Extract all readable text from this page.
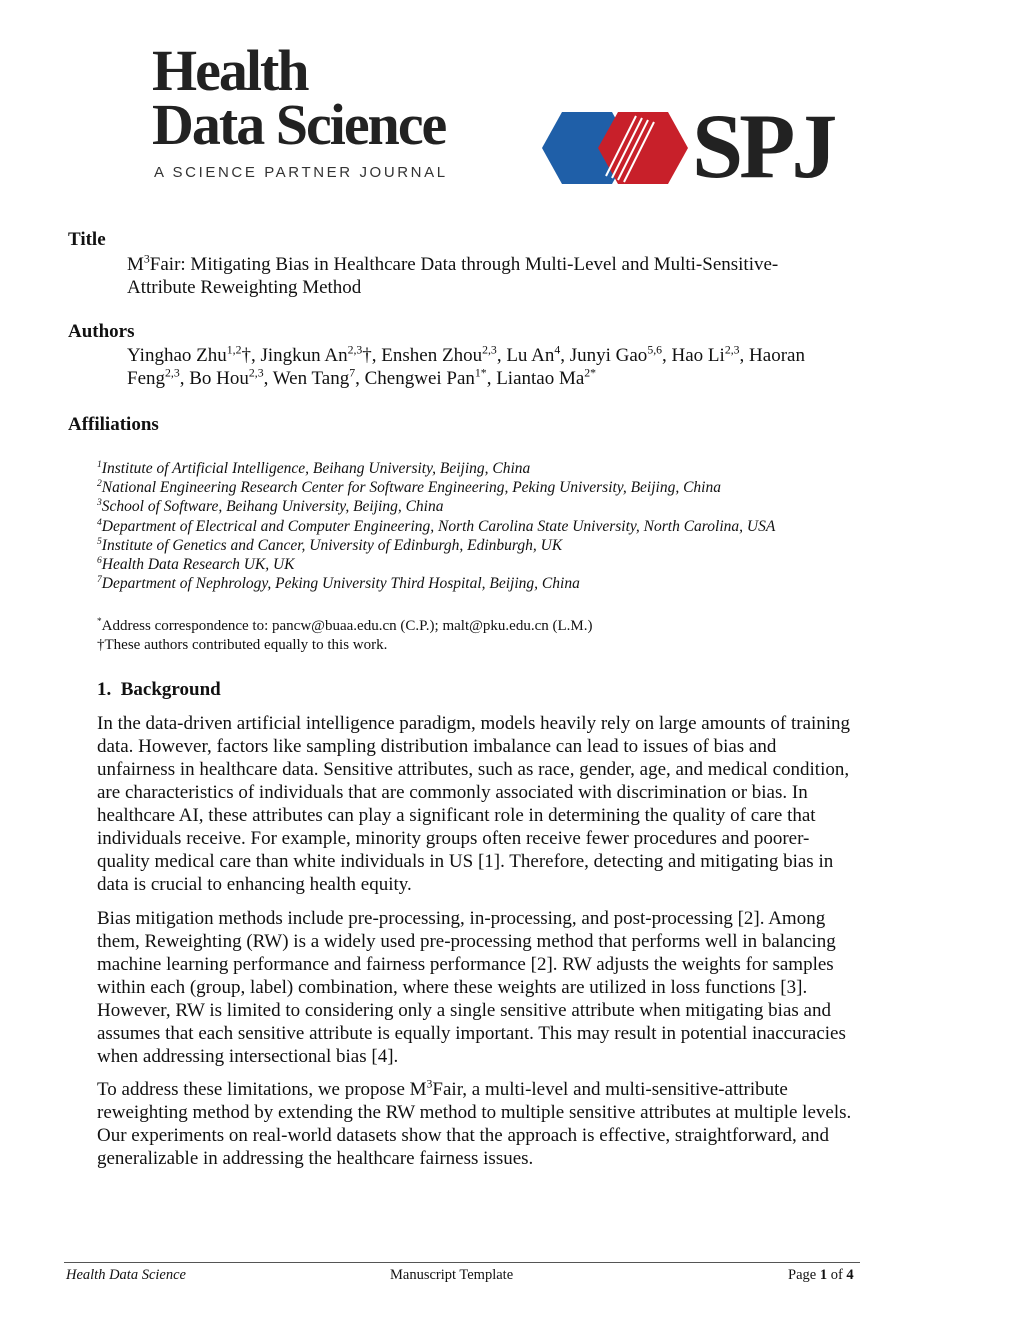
Health
Data Science
A SCIENCE PARTNER JOURNAL	SPJ
Title
$M^3Fair$: Mitigating Bias in Healthcare Data through Multi-Level and Multi-Sensitive-
Attribute Reweighting Method
Authors
Yinghao Zhu$^{1,2}$†, Jingkun An$^{2,3}$†, Enshen Zhou$^{2,3}$, Lu An$^4$, Junyi Gao$^{5,6}$, Hao Li$^{2,3}$, Haoran Feng$^{2,3}$, Bo Hou$^{2,3}$, Wen Tang$^7$, Chengwei Pan$^{1*}$, Liantao $Ma^{2*}$
Affiliations
$^1$Institute of Artificial Intelligence, Beihang University, Beijing, China
$^2$National Engineering Research Center for Software Engineering, Peking University, Beijing, China
$^3$School of Software, Beihang University, Beijing, China
$^4$Department of Electrical and Computer Engineering, North Carolina State University, North Carolina, USA
$^5$Institute of Genetics and Cancer, University of Edinburgh, Edinburgh, UK
$^6$Health Data Research UK, UK
$^7$Department of Nephrology, Peking University Third Hospital, Beijing, China
*Address correspondence to: pancw@buaa.edu.cn (C.P.); malt@pku.edu.cn (L.M.)
†These authors contributed equally to this work.
1. Background
In the data-driven artificial intelligence paradigm, models heavily rely on large amounts of training data. However, factors like sampling distribution imbalance can lead to issues of bias and unfairness in healthcare data. Sensitive attributes, such as race, gender, age, and medical condition, are characteristics of individuals that are commonly associated with discrimination or bias. In healthcare AI, these attributes can play a significant role in determining the quality of care that individuals receive. For example, minority groups often receive fewer procedures and poorer-quality medical care than white individuals in US [1]. Therefore, detecting and mitigating bias in data is crucial to enhancing health equity.
Bias mitigation methods include pre-processing, in-processing, and post-processing [2]. Among them, Reweighting (RW) is a widely used pre-processing method that performs well in balancing machine learning performance and fairness performance [2]. RW adjusts the weights for samples within each (group, label) combination, where these weights are utilized in loss functions [3]. However, RW is limited to considering only a single sensitive attribute when mitigating bias and assumes that each sensitive attribute is equally important. This may result in potential inaccuracies when addressing intersectional bias [4].
To address these limitations, we propose $M^3Fair$, a multi-level and multi-sensitive-attribute reweighting method by extending the RW method to multiple sensitive attributes at multiple levels. Our experiments on real-world datasets show that the approach is effective, straightforward, and generalizable in addressing the healthcare fairness issues.
Health Data Science	Manuscript Template	Page 1 of 4
